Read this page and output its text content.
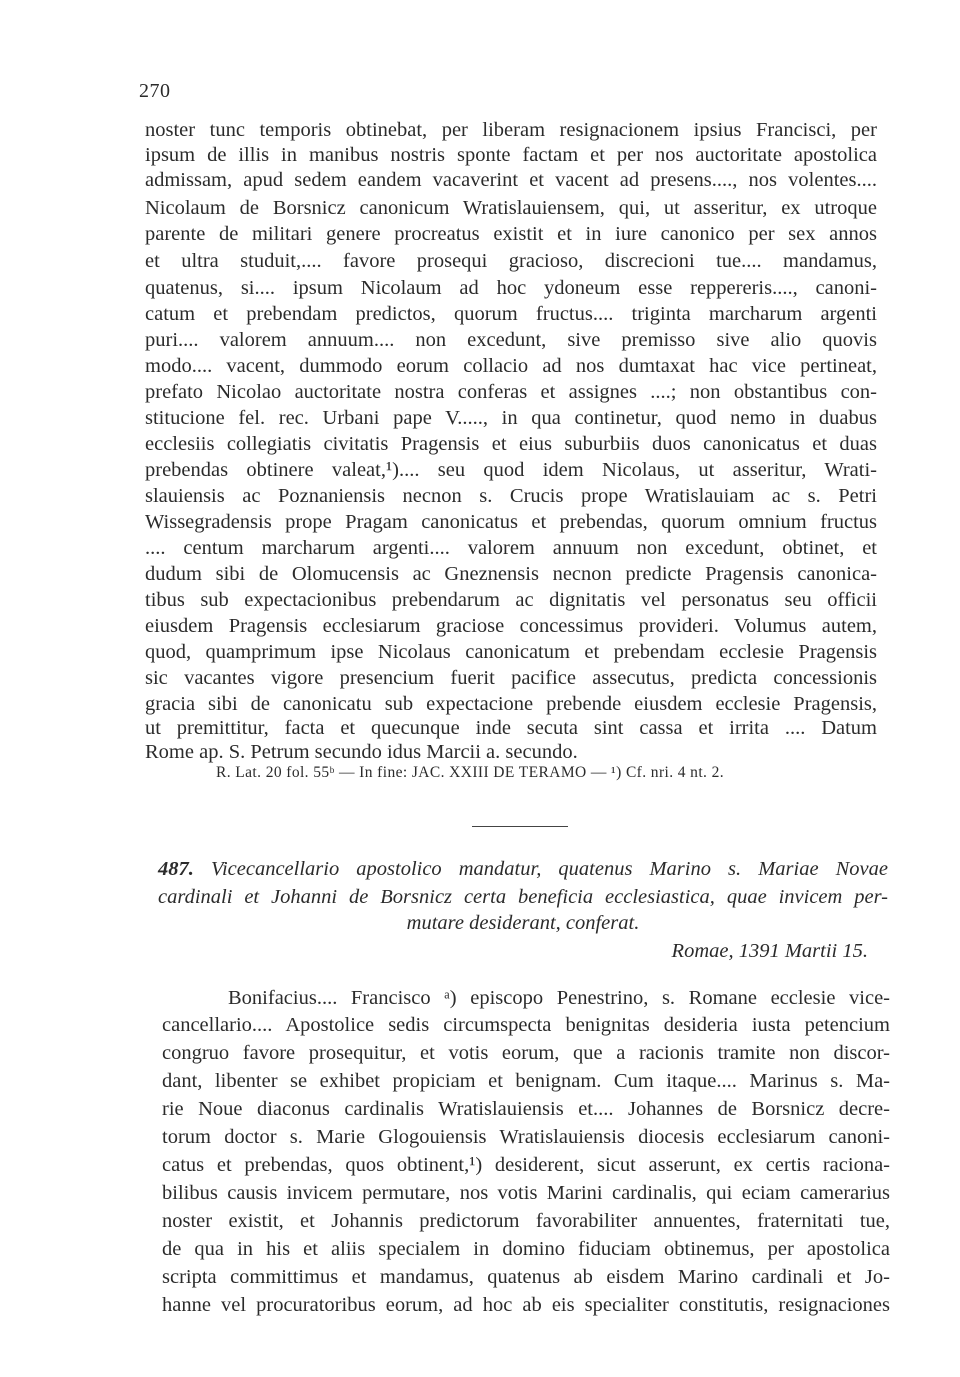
270
noster tunc temporis obtinebat, per liberam resignacionem ipsius Francisci, per
ipsum de illis in manibus nostris sponte factam et per nos auctoritate apostolica
admissam, apud sedem eandem vacaverint et vacent ad presens...., nos volentes....
Nicolaum de Borsnicz canonicum Wratislauiensem, qui, ut asseritur, ex utroque
parente de militari genere procreatus existit et in iure canonico per sex annos
et ultra studuit,.... favore prosequi gracioso, discrecioni tue.... mandamus,
quatenus, si.... ipsum Nicolaum ad hoc ydoneum esse reppereris...., canoni-
catum et prebendam predictos, quorum fructus.... triginta marcharum argenti
puri.... valorem annuum.... non excedunt, sive premisso sive alio quovis
modo.... vacent, dummodo eorum collacio ad nos dumtaxat hac vice pertineat,
prefato Nicolao auctoritate nostra conferas et assignes ....; non obstantibus con-
stitucione fel. rec. Urbani pape V....., in qua continetur, quod nemo in duabus
ecclesiis collegiatis civitatis Pragensis et eius suburbiis duos canonicatus et duas
prebendas obtinere valeat,¹).... seu quod idem Nicolaus, ut asseritur, Wrati-
slauiensis ac Poznaniensis necnon s. Crucis prope Wratislauiam ac s. Petri
Wissegradensis prope Pragam canonicatus et prebendas, quorum omnium fructus
.... centum marcharum argenti.... valorem annuum non excedunt, obtinet, et
dudum sibi de Olomucensis ac Gneznensis necnon predicte Pragensis canonica-
tibus sub expectacionibus prebendarum ac dignitatis vel personatus seu officii
eiusdem Pragensis ecclesiarum graciose concessimus provideri. Volumus autem,
quod, quamprimum ipse Nicolaus canonicatum et prebendam ecclesie Pragensis
sic vacantes vigore presencium fuerit pacifice assecutus, predicta concessionis
gracia sibi de canonicatu sub expectacione prebende eiusdem ecclesie Pragensis,
ut premittitur, facta et quecunque inde secuta sint cassa et irrita .... Datum
Rome ap. S. Petrum secundo idus Marcii a. secundo.
R. Lat. 20 fol. 55ᵇ — In fine: JAC. XXIII DE TERAMO — ¹) Cf. nri. 4 nt. 2.
487. Vicecancellario apostolico mandatur, quatenus Marino s. Mariae Novae
cardinali et Johanni de Borsnicz certa beneficia ecclesiastica, quae invicem per-
mutare desiderant, conferat.
Romae, 1391 Martii 15.
Bonifacius.... Francisco ᵃ) episcopo Penestrino, s. Romane ecclesie vice-
cancellario.... Apostolice sedis circumspecta benignitas desideria iusta petencium
congruo favore prosequitur, et votis eorum, que a racionis tramite non discor-
dant, libenter se exhibet propiciam et benignam. Cum itaque.... Marinus s. Ma-
rie Noue diaconus cardinalis Wratislauiensis et.... Johannes de Borsnicz decre-
torum doctor s. Marie Glogouiensis Wratislauiensis diocesis ecclesiarum canoni-
catus et prebendas, quos obtinent,¹) desiderent, sicut asserunt, ex certis raciona-
bilibus causis invicem permutare, nos votis Marini cardinalis, qui eciam camerarius
noster existit, et Johannis predictorum favorabiliter annuentes, fraternitati tue,
de qua in his et aliis specialem in domino fiduciam obtinemus, per apostolica
scripta committimus et mandamus, quatenus ab eisdem Marino cardinali et Jo-
hanne vel procuratoribus eorum, ad hoc ab eis specialiter constitutis, resignaciones
